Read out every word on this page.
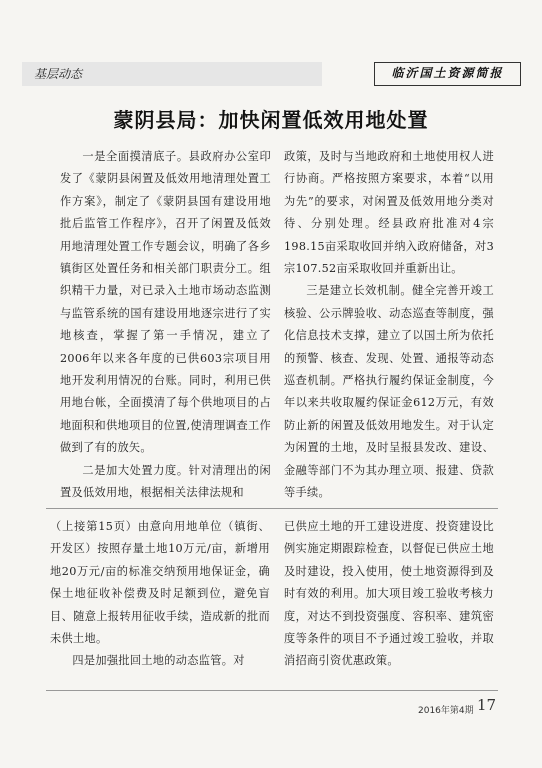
基层动态	临沂国土资源简报
蒙阴县局：加快闲置低效用地处置

一是全面摸清底子。县政府办公室印发了《蒙阴县闲置及低效用地清理处置工作方案》，制定了《蒙阴县国有建设用地批后监管工作程序》，召开了闲置及低效用地清理处置工作专题会议，明确了各乡镇街区处置任务和相关部门职责分工。组织精干力量，对已录入土地市场动态监测与监管系统的国有建设用地逐宗进行了实地核查，掌握了第一手情况，建立了2006年以来各年度的已供603宗项目用地开发利用情况的台账。同时，利用已供用地台帐，全面摸清了每个供地项目的占地面积和供地项目的位置,使清理调查工作做到了有的放矢。

二是加大处置力度。针对清理出的闲置及低效用地，根据相关法律法规和

政策，及时与当地政府和土地使用权人进行协商。严格按照方案要求，本着“以用为先”的要求，对闲置及低效用地分类对待、分别处理。经县政府批准对4宗198.15亩采取收回并纳入政府储备，对3宗107.52亩采取收回并重新出让。

三是建立长效机制。健全完善开竣工核验、公示牌验收、动态巡查等制度，强化信息技术支撑，建立了以国土所为依托的预警、核查、发现、处置、通报等动态巡查机制。严格执行履约保证金制度，今年以来共收取履约保证金612万元，有效防止新的闲置及低效用地发生。对于认定为闲置的土地，及时呈报县发改、建设、金融等部门不为其办理立项、报建、贷款等手续。

（上接第15页）由意向用地单位（镇街、开发区）按照存量土地10万元/亩，新增用地20万元/亩的标准交纳预用地保证金，确保土地征收补偿费及时足额到位，避免盲目、随意上报转用征收手续，造成新的批而未供土地。

四是加强批回土地的动态监管。对

已供应土地的开工建设进度、投资建设比例实施定期跟踪检查，以督促已供应土地及时建设，投入使用，使土地资源得到及时有效的利用。加大项目竣工验收考核力度，对达不到投资强度、容积率、建筑密度等条件的项目不予通过竣工验收，并取消招商引资优惠政策。

2016年第4期 17
